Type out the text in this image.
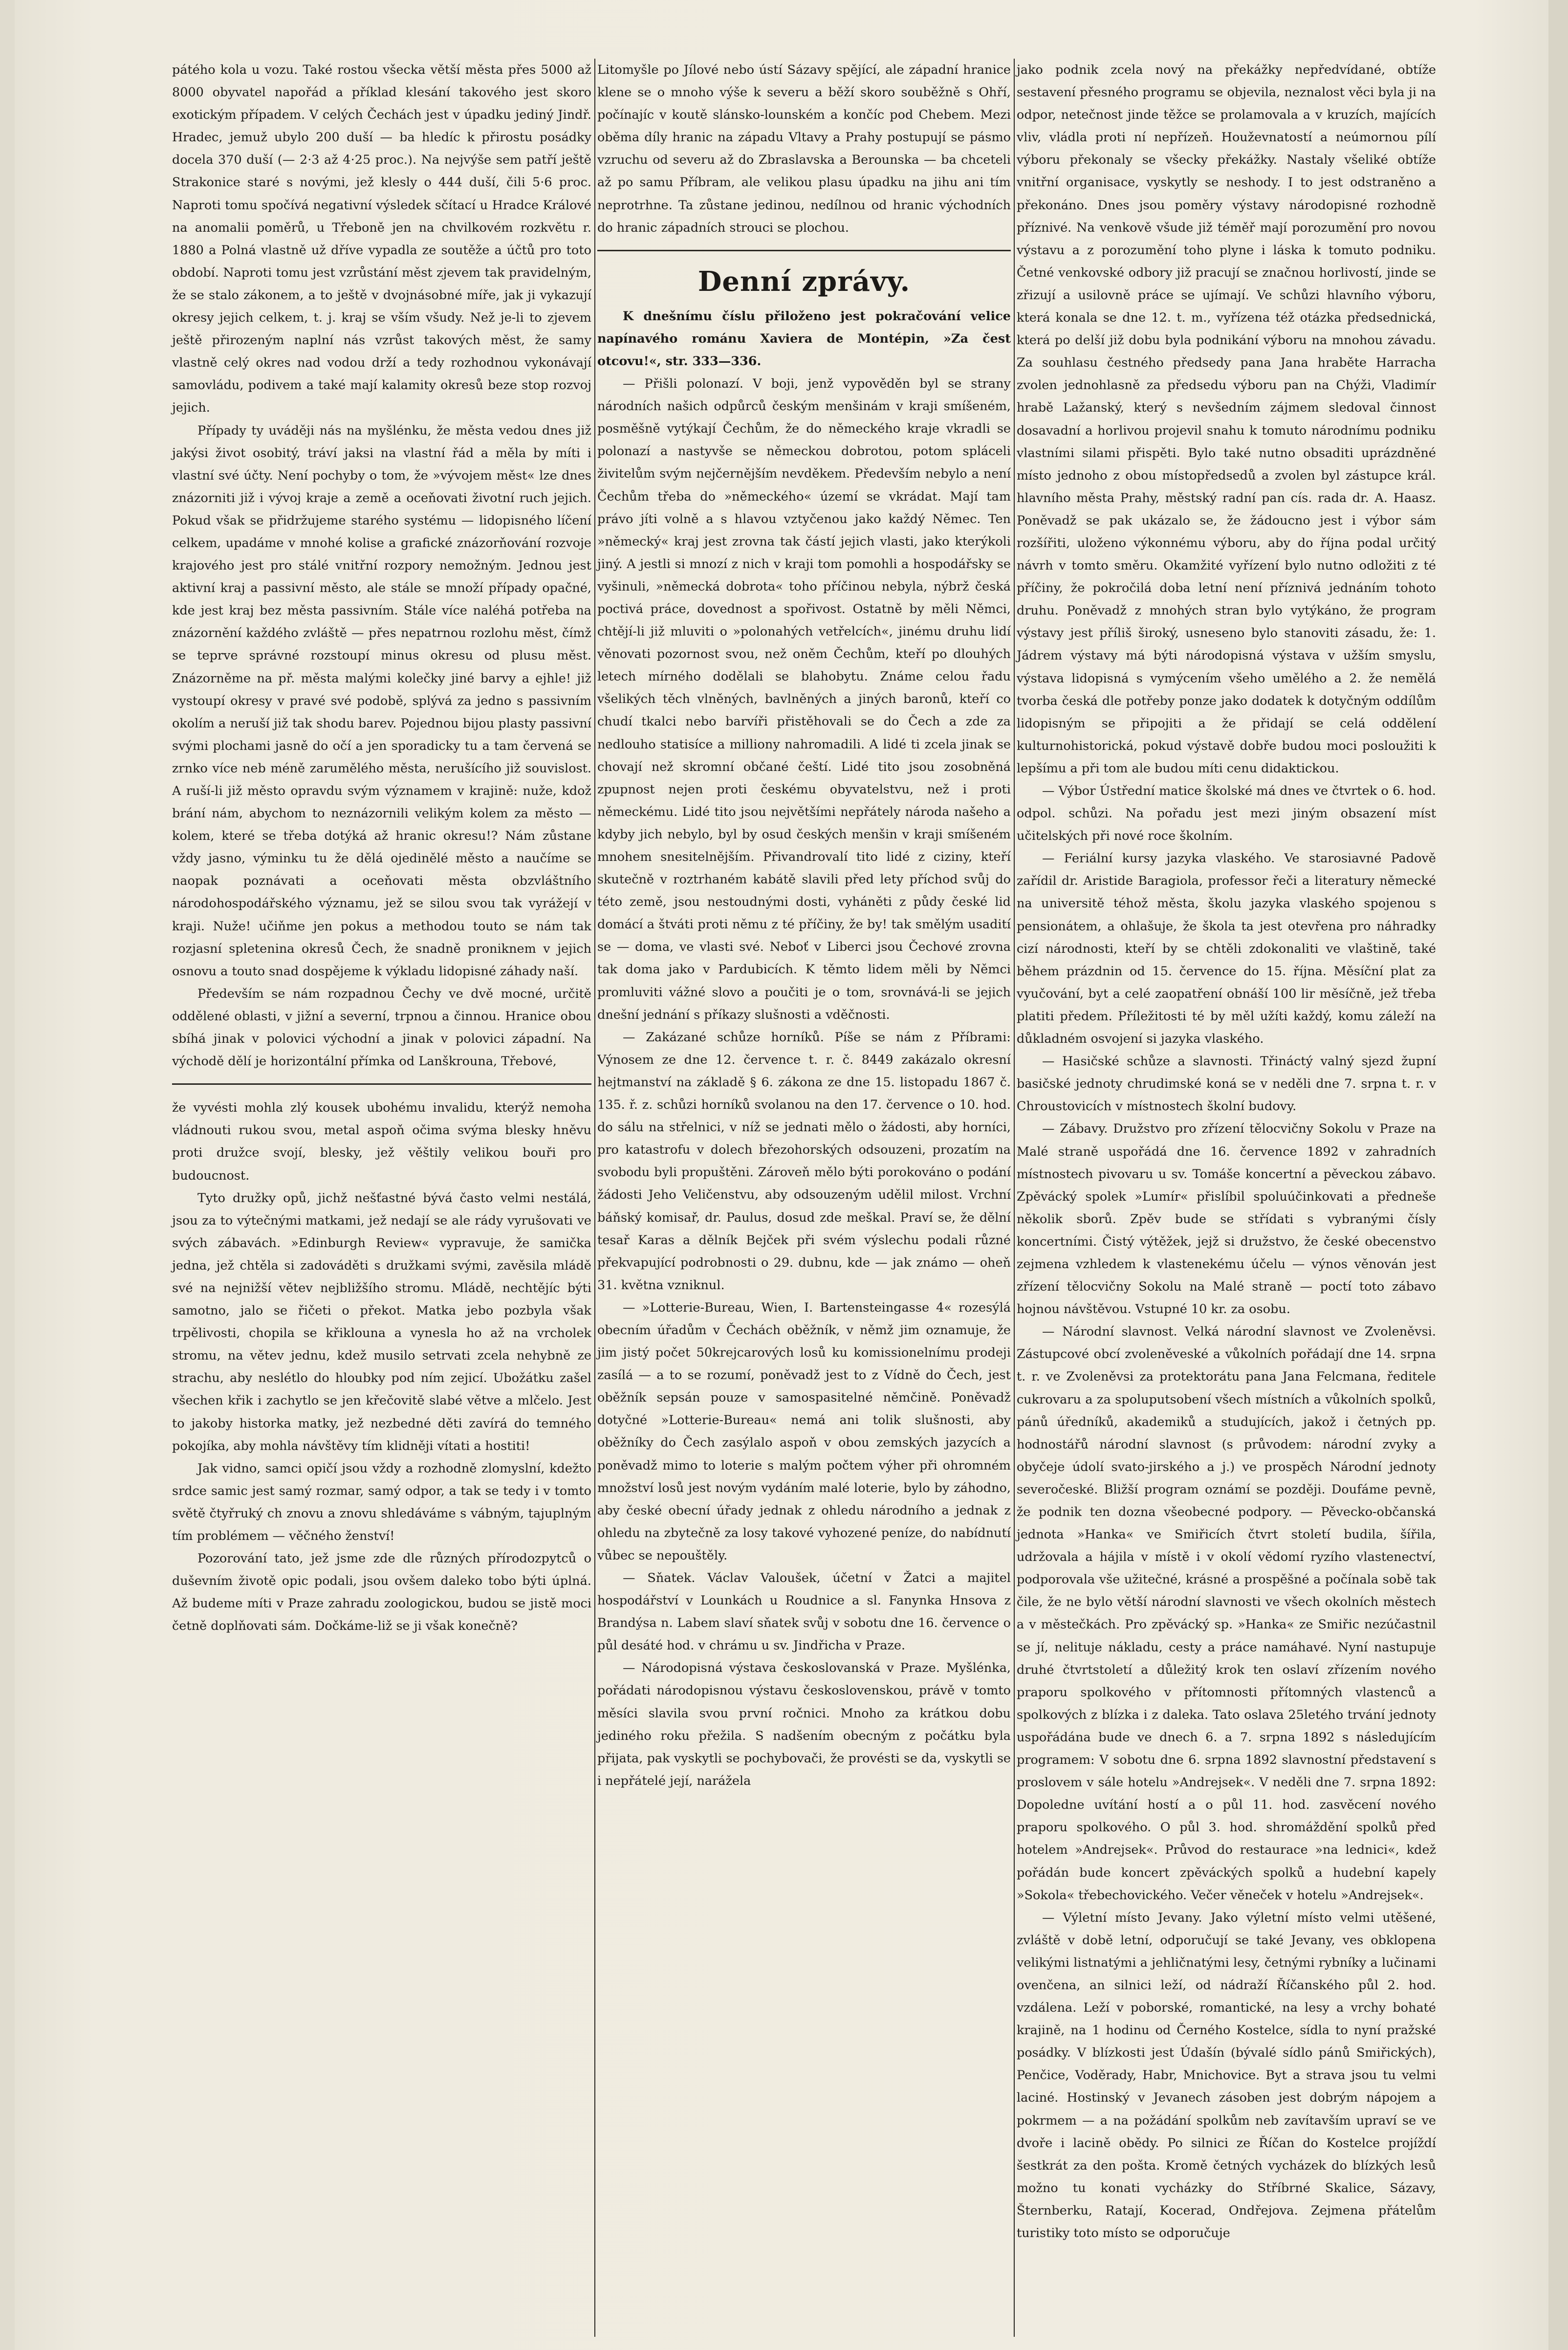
pátého kola u vozu. Také rostou všecka větší města přes 5000 až 8000 obyvatel napořád a příklad klesání takového jest skoro exotickým případem. V celých Čechách jest v úpadku jediný Jindř. Hradec, jemuž ubylo 200 duší — ba hledíc k přirostu posádky docela 370 duší (— 2·3 až 4·25 proc.). Na nejvýše sem patří ještě Strakonice staré s novými, jež klesly o 444 duší, čili 5·6 proc. Naproti tomu spočívá negativní výsledek sčítací u Hradce Králové na anomalii poměrů, u Třeboně jen na chvilkovém rozkvětu r. 1880 a Polná vlastně už dříve vypadla ze soutěže a účtů pro toto období. Naproti tomu jest vzrůstání měst zjevem tak pravidelným, že se stalo zákonem, a to ještě v dvojnásobné míře, jak ji vykazují okresy jejich celkem, t. j. kraj se vším všudy. Než je-li to zjevem ještě přirozeným naplní nás vzrůst takových měst, že samy vlastně celý okres nad vodou drží a tedy rozhodnou vykonávají samovládu, podivem a také mají kalamity okresů beze stop rozvoj jejich.

Případy ty uváději nás na myšlénku, že města vedou dnes již jakýsi život osobitý, tráví jaksi na vlastní řád a měla by míti i vlastní své účty. Není pochyby o tom, že »vývojem měst« lze dnes znázorniti již i vývoj kraje a země a oceňovati životní ruch jejich. Pokud však se přidržujeme starého systému — lidopisného líčení celkem, upadáme v mnohé kolise a grafické znázorňování rozvoje krajového jest pro stálé vnitřní rozpory nemožným. Jednou jest aktivní kraj a passivní město, ale stále se množí případy opačné, kde jest kraj bez města passivním. Stále více naléhá potřeba na znázornění každého zvláště — přes nepatrnou rozlohu měst, čímž se teprve správné rozstoupí minus okresu od plusu měst. Znázorněme na př. města malými kolečky jiné barvy a ejhle! již vystoupí okresy v pravé své podobě, splývá za jedno s passivním okolím a neruší již tak shodu barev. Pojednou bijou plasty passivní svými plochami jasně do očí a jen sporadicky tu a tam červená se zrnko více neb méně zarumělého města, nerušícího již souvislost. A ruší-li již město opravdu svým významem v krajině: nuže, kdož brání nám, abychom to neznázornili velikým kolem za město — kolem, které se třeba dotýká až hranic okresu!? Nám zůstane vždy jasno, výminku tu že dělá ojedinělé město a naučíme se naopak poznávati a oceňovati města obzvláštního národohospodářského významu, jež se silou svou tak vyrážejí v kraji. Nuže! učiňme jen pokus a methodou touto se nám tak rozjasní spletenina okresů Čech, že snadně proniknem v jejich osnovu a touto snad dospějeme k výkladu lidopisné záhady naší.

Především se nám rozpadnou Čechy ve dvě mocné, určitě oddělené oblasti, v jižní a severní, trpnou a činnou. Hranice obou sbíhá jinak v polovici východní a jinak v polovici západní. Na východě dělí je horizontální přímka od Lanškrouna, Třebové,

že vyvésti mohla zlý kousek ubohému invalidu, kterýž nemoha vládnouti rukou svou, metal aspoň očima svýma blesky hněvu proti družce svojí, blesky, jež věštily velikou bouři pro budoucnost.

Tyto družky opů, jichž nešťastné bývá často velmi nestálá, jsou za to výtečnými matkami, jež nedají se ale rády vyrušovati ve svých zábavách. »Edinburgh Review« vypravuje, že samička jedna, jež chtěla si zadováděti s družkami svými, zavěsila mládě své na nejnižší větev nejbližšího stromu. Mládě, nechtějíc býti samotno, jalo se řičeti o překot. Matka jebo pozbyla však trpělivosti, chopila se křiklouna a vynesla ho až na vrcholek stromu, na větev jednu, kdež musilo setrvati zcela nehybně ze strachu, aby neslétlo do hloubky pod ním zejicí. Ubožátku zašel všechen křik i zachytlo se jen křečovitě slabé větve a mlčelo. Jest to jakoby historka matky, jež nezbedné děti zavírá do temného pokojíka, aby mohla návštěvy tím klidněji vítati a hostiti!

Jak vidno, samci opičí jsou vždy a rozhodně zlomyslní, kdežto srdce samic jest samý rozmar, samý odpor, a tak se tedy i v tomto světě čtyřruký ch znovu a znovu shledáváme s vábným, tajuplným tím problémem — věčného ženství!

Pozorování tato, jež jsme zde dle různých přírodozpytců o duševním životě opic podali, jsou ovšem daleko tobo býti úplná. Až budeme míti v Praze zahradu zoologickou, budou se jistě moci četně doplňovati sám. Dočkáme-liž se ji však konečně?

Litomyšle po Jílové nebo ústí Sázavy spějící, ale západní hranice klene se o mnoho výše k severu a běží skoro souběžně s Ohří, počínajíc v koutě slánsko-lounském a končíc pod Chebem. Mezi oběma díly hranic na západu Vltavy a Prahy postupují se pásmo vzruchu od severu až do Zbraslavska a Berounska — ba chceteli až po samu Příbram, ale velikou plasu úpadku na jihu ani tím neprotrhne. Ta zůstane jedinou, nedílnou od hranic východních do hranic západních strouci se plochou.

Denní zprávy.

K dnešnímu číslu přiloženo jest pokračování velice napínavého románu Xaviera de Montépin, »Za čest otcovu!«, str. 333—336.

— Přišli polonazí. V boji, jenž vypověděn byl se strany národních našich odpůrců českým menšinám v kraji smíšeném, posměšně vytýkají Čechům, že do německého kraje vkradli se polonazí a nastyvše se německou dobrotou, potom spláceli živitelům svým nejčernějším nevděkem. Především nebylo a není Čechům třeba do »německého« území se vkrádat. Mají tam právo jíti volně a s hlavou vztyčenou jako každý Němec. Ten »německý« kraj jest zrovna tak částí jejich vlasti, jako kterýkoli jiný. A jestli si mnozí z nich v kraji tom pomohli a hospodářsky se vyšinuli, »německá dobrota« toho příčinou nebyla, nýbrž česká poctivá práce, dovednost a spořivost. Ostatně by měli Němci, chtějí-li již mluviti o »polonahých vetřelcích«, jinému druhu lidí věnovati pozornost svou, než oněm Čechům, kteří po dlouhých letech mírného dodělali se blahobytu. Známe celou řadu všelikých těch vlněných, bavlněných a jiných baronů, kteří co chudí tkalci nebo barvíři přistěhovali se do Čech a zde za nedlouho statisíce a milliony nahromadili. A lidé ti zcela jinak se chovají než skromní občané čeští. Lidé tito jsou zosobněná zpupnost nejen proti českému obyvatelstvu, než i proti německému. Lidé tito jsou největšími nepřátely národa našeho a kdyby jich nebylo, byl by osud českých menšin v kraji smíšeném mnohem snesitelnějším. Přivandrovalí tito lidé z ciziny, kteří skutečně v roztrhaném kabátě slavili před lety příchod svůj do této země, jsou nestoudnými dosti, vyháněti z půdy české lid domácí a štváti proti němu z té příčiny, že by! tak smělým usadití se — doma, ve vlasti své. Neboť v Liberci jsou Čechové zrovna tak doma jako v Pardubicích. K těmto lidem měli by Němci promluviti vážné slovo a poučiti je o tom, srovnává-li se jejich dnešní jednání s příkazy slušnosti a vděčnosti.

— Zakázané schůze horníků. Píše se nám z Příbrami: Výnosem ze dne 12. července t. r. č. 8449 zakázalo okresní hejtmanství na základě § 6. zákona ze dne 15. listopadu 1867 č. 135. ř. z. schůzi horníků svolanou na den 17. července o 10. hod. do sálu na střelnici, v níž se jednati mělo o žádosti, aby horníci, pro katastrofu v dolech březohorských odsouzeni, prozatím na svobodu byli propuštěni. Zároveň mělo býti porokováno o podání žádosti Jeho Veličenstvu, aby odsouzeným udělil milost. Vrchní báňský komisař, dr. Paulus, dosud zde meškal. Praví se, že dělní tesař Karas a dělník Bejček při svém výslechu podali různé překvapující podrobnosti o 29. dubnu, kde — jak známo — oheň 31. května vzniknul.

— »Lotterie-Bureau, Wien, I. Bartensteingasse 4« rozesýlá obecním úřadům v Čechách oběžník, v němž jim oznamuje, že jim jistý počet 50krejcarových losů ku komissionelnímu prodeji zasílá — a to se rozumí, poněvadž jest to z Vídně do Čech, jest oběžník sepsán pouze v samospasitelné němčině. Poněvadž dotyčné »Lotterie-Bureau« nemá ani tolik slušnosti, aby oběžníky do Čech zasýlalo aspoň v obou zemských jazycích a poněvadž mimo to loterie s malým počtem výher při ohromném množství losů jest novým vydáním malé loterie, bylo by záhodno, aby české obecní úřady jednak z ohledu národního a jednak z ohledu na zbytečně za losy takové vyhozené peníze, do nabídnutí vůbec se nepouštěly.

— Sňatek. Václav Valoušek, účetní v Žatci a majitel hospodářství v Lounkách u Roudnice a sl. Fanynka Hnsova z Brandýsa n. Labem slaví sňatek svůj v sobotu dne 16. července o půl desáté hod. v chrámu u sv. Jindřicha v Praze.

— Národopisná výstava českoslovanská v Praze. Myšlénka, pořádati národopisnou výstavu československou, právě v tomto měsíci slavila svou první ročnici. Mnoho za krátkou dobu jediného roku přežila. S nadšením obecným z počátku byla přijata, pak vyskytli se pochybovači, že provésti se da, vyskytli se i nepřátelé její, narážela

jako podnik zcela nový na překážky nepředvídané, obtíže sestavení přesného programu se objevila, neznalost věci byla ji na odpor, netečnost jinde těžce se prolamovala a v kruzích, majících vliv, vládla proti ní nepřízeň. Houževnatostí a neúmornou pílí výboru překonaly se všecky překážky. Nastaly všeliké obtíže vnitřní organisace, vyskytly se neshody. I to jest odstraněno a překonáno. Dnes jsou poměry výstavy národopisné rozhodně příznivé. Na venkově všude již téměř mají porozumění pro novou výstavu a z porozumění toho plyne i láska k tomuto podniku. Četné venkovské odbory již pracují se značnou horlivostí, jinde se zřizují a usilovně práce se ujímají. Ve schůzi hlavního výboru, která konala se dne 12. t. m., vyřízena též otázka předsednická, která po delší již dobu byla podnikání výboru na mnohou závadu. Za souhlasu čestného předsedy pana Jana hraběte Harracha zvolen jednohlasně za předsedu výboru pan na Chýži, Vladimír hrabě Lažanský, který s nevšedním zájmem sledoval činnost dosavadní a horlivou projevil snahu k tomuto národnímu podniku vlastními silami přispěti. Bylo také nutno obsaditi uprázdněné místo jednoho z obou místopředsedů a zvolen byl zástupce král. hlavního města Prahy, městský radní pan cís. rada dr. A. Haasz. Poněvadž se pak ukázalo se, že žádoucno jest i výbor sám rozšířiti, uloženo výkonnému výboru, aby do října podal určitý návrh v tomto směru. Okamžité vyřízení bylo nutno odložiti z té příčiny, že pokročilá doba letní není příznivá jednáním tohoto druhu. Poněvadž z mnohých stran bylo vytýkáno, že program výstavy jest příliš široký, usneseno bylo stanoviti zásadu, že: 1. Jádrem výstavy má býti národopisná výstava v užším smyslu, výstava lidopisná s vymýcením všeho umělého a 2. že nemělá tvorba česká dle potřeby ponze jako dodatek k dotyčným oddílům lidopisným se připojiti a že přidají se celá oddělení kulturnohistorická, pokud výstavě dobře budou moci posloužiti k lepšímu a při tom ale budou míti cenu didaktickou.

— Výbor Ústřední matice školské má dnes ve čtvrtek o 6. hod. odpol. schůzi. Na pořadu jest mezi jiným obsazení míst učitelských při nové roce školním.

— Feriální kursy jazyka vlaského. Ve starosiavné Padově zařídil dr. Aristide Baragiola, professor řeči a literatury německé na universitě téhož města, školu jazyka vlaského spojenou s pensionátem, a ohlašuje, že škola ta jest otevřena pro náhradky cizí národnosti, kteří by se chtěli zdokonaliti ve vlaštině, také během prázdnin od 15. července do 15. října. Měsíční plat za vyučování, byt a celé zaopatření obnáší 100 lir měsíčně, jež třeba platiti předem. Příležitosti té by měl užíti každý, komu záleží na důkladném osvojení si jazyka vlaského.

— Hasičské schůze a slavnosti. Třináctý valný sjezd župní basičské jednoty chrudimské koná se v neděli dne 7. srpna t. r. v Chroustovicích v místnostech školní budovy.

— Zábavy. Družstvo pro zřízení tělocvičny Sokolu v Praze na Malé straně uspořádá dne 16. července 1892 v zahradních místnostech pivovaru u sv. Tomáše koncertní a pěveckou zábavo. Zpěvácký spolek »Lumír« přislíbil spoluúčinkovati a předneše několik sborů. Zpěv bude se střídati s vybranými čísly koncertními. Čistý výtěžek, jejž si družstvo, že české obecenstvo zejmena vzhledem k vlastenekému účelu — výnos věnován jest zřízení tělocvičny Sokolu na Malé straně — poctí toto zábavo hojnou návštěvou. Vstupné 10 kr. za osobu.

— Národní slavnost. Velká národní slavnost ve Zvoleněvsi. Zástupcové obcí zvoleněveské a vůkolních pořádají dne 14. srpna t. r. ve Zvoleněvsi za protektorátu pana Jana Felcmana, ředitele cukrovaru a za spoluputsobení všech místních a vůkolních spolků, pánů úředníků, akademiků a studujících, jakož i četných pp. hodnostářů národní slavnost (s průvodem: národní zvyky a obyčeje údolí svato-jirského a j.) ve prospěch Národní jednoty severočeské. Bližší program oznámí se později. Doufáme pevně, že podnik ten dozna všeobecné podpory. — Pěvecko-občanská jednota »Hanka« ve Smiřicích čtvrt století budila, šířila, udržovala a hájila v místě i v okolí vědomí ryzího vlastenectví, podporovala vše užitečné, krásné a prospěšné a počínala sobě tak čile, že ne bylo větší národní slavnosti ve všech okolních městech a v městečkách. Pro zpěvácký sp. »Hanka« ze Smiřic nezúčastnil se jí, nelituje nákladu, cesty a práce namáhavé. Nyní nastupuje druhé čtvrtstoletí a důležitý krok ten oslaví zřízením nového praporu spolkového v přítomnosti přítomných vlastenců a spolkových z blízka i z daleka. Tato oslava 25letého trvání jednoty uspořádána bude ve dnech 6. a 7. srpna 1892 s následujícím programem: V sobotu dne 6. srpna 1892 slavnostní představení s proslovem v sále hotelu »Andrejsek«. V neděli dne 7. srpna 1892: Dopoledne uvítání hostí a o půl 11. hod. zasvěcení nového praporu spolkového. O půl 3. hod. shromáždění spolků před hotelem »Andrejsek«. Průvod do restaurace »na lednici«, kdež pořádán bude koncert zpěváckých spolků a hudební kapely »Sokola« třebechovického. Večer věneček v hotelu »Andrejsek«.

— Výletní místo Jevany. Jako výletní místo velmi utěšené, zvláště v době letní, odporučují se také Jevany, ves obklopena velikými listnatými a jehličnatými lesy, četnými rybníky a lučinami ovenčena, an silnici leží, od nádraží Říčanského půl 2. hod. vzdálena. Leží v poborské, romantické, na lesy a vrchy bohaté krajině, na 1 hodinu od Černého Kostelce, sídla to nyní pražské posádky. V blízkosti jest Údašín (bývalé sídlo pánů Smiřických), Penčice, Voděrady, Habr, Mnichovice. Byt a strava jsou tu velmi laciné. Hostinský v Jevanech zásoben jest dobrým nápojem a pokrmem — a na požádání spolkům neb zavítavším upraví se ve dvoře i lacině obědy. Po silnici ze Říčan do Kostelce projíždí šestkrát za den pošta. Kromě četných vycházek do blízkých lesů možno tu konati vycházky do Stříbrné Skalice, Sázavy, Šternberku, Ratají, Kocerad, Ondřejova. Zejmena přátelům turistiky toto místo se odporučuje
